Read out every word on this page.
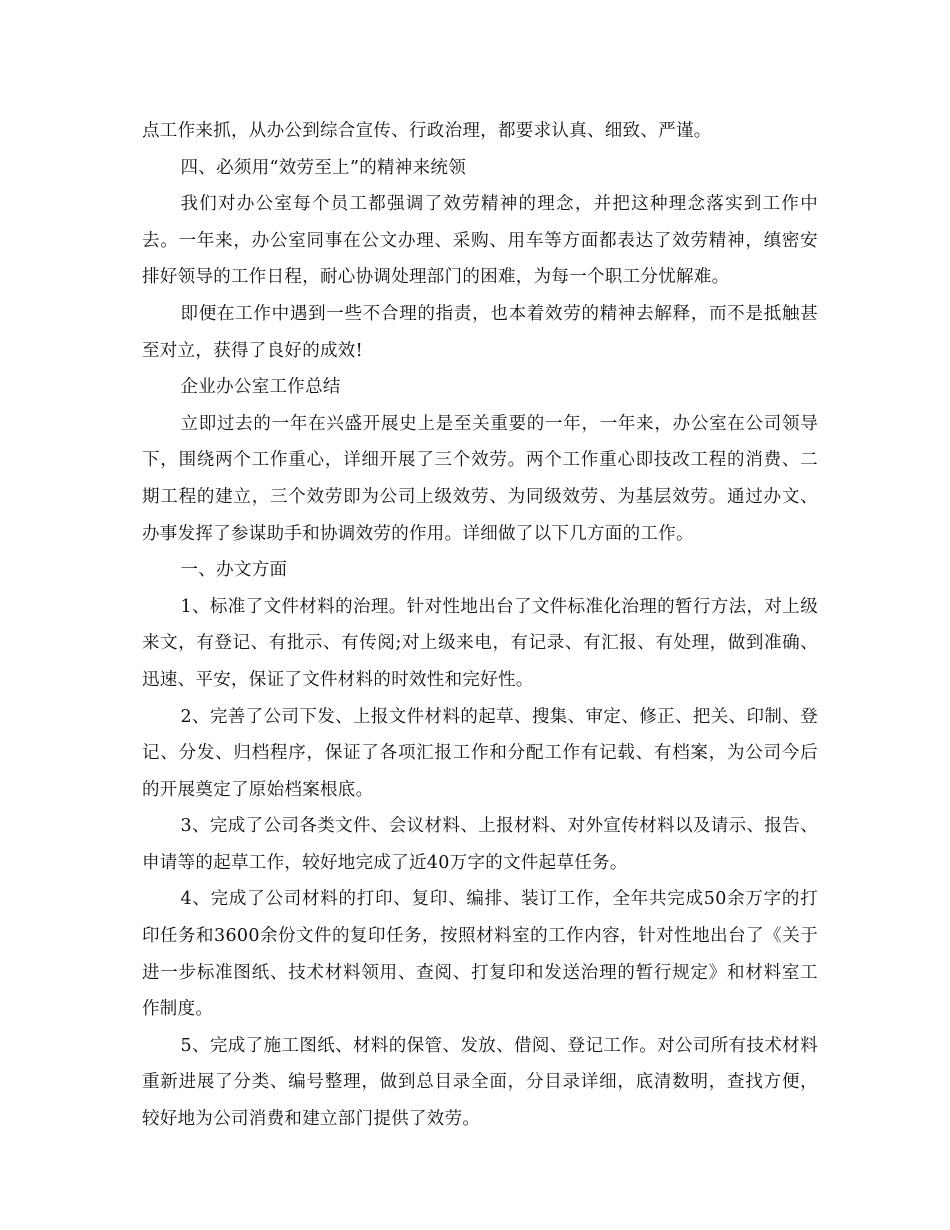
点工作来抓，从办公到综合宣传、行政治理，都要求认真、细致、严谨。

四、必须用“效劳至上”的精神来统领

我们对办公室每个员工都强调了效劳精神的理念，并把这种理念落实到工作中去。一年来，办公室同事在公文办理、采购、用车等方面都表达了效劳精神，缜密安排好领导的工作日程，耐心协调处理部门的困难，为每一个职工分忧解难。

即便在工作中遇到一些不合理的指责，也本着效劳的精神去解释，而不是抵触甚至对立，获得了良好的成效!

企业办公室工作总结

立即过去的一年在兴盛开展史上是至关重要的一年，一年来，办公室在公司领导下，围绕两个工作重心，详细开展了三个效劳。两个工作重心即技改工程的消费、二期工程的建立，三个效劳即为公司上级效劳、为同级效劳、为基层效劳。通过办文、办事发挥了参谋助手和协调效劳的作用。详细做了以下几方面的工作。

一、办文方面

1、标准了文件材料的治理。针对性地出台了文件标准化治理的暂行方法，对上级来文，有登记、有批示、有传阅;对上级来电，有记录、有汇报、有处理，做到准确、迅速、平安，保证了文件材料的时效性和完好性。

2、完善了公司下发、上报文件材料的起草、搜集、审定、修正、把关、印制、登记、分发、归档程序，保证了各项汇报工作和分配工作有记载、有档案，为公司今后的开展奠定了原始档案根底。

3、完成了公司各类文件、会议材料、上报材料、对外宣传材料以及请示、报告、申请等的起草工作，较好地完成了近40万字的文件起草任务。

4、完成了公司材料的打印、复印、编排、装订工作，全年共完成50余万字的打印任务和3600余份文件的复印任务，按照材料室的工作内容，针对性地出台了《关于进一步标准图纸、技术材料领用、查阅、打复印和发送治理的暂行规定》和材料室工作制度。

5、完成了施工图纸、材料的保管、发放、借阅、登记工作。对公司所有技术材料重新进展了分类、编号整理，做到总目录全面，分目录详细，底清数明，查找方便，较好地为公司消费和建立部门提供了效劳。
